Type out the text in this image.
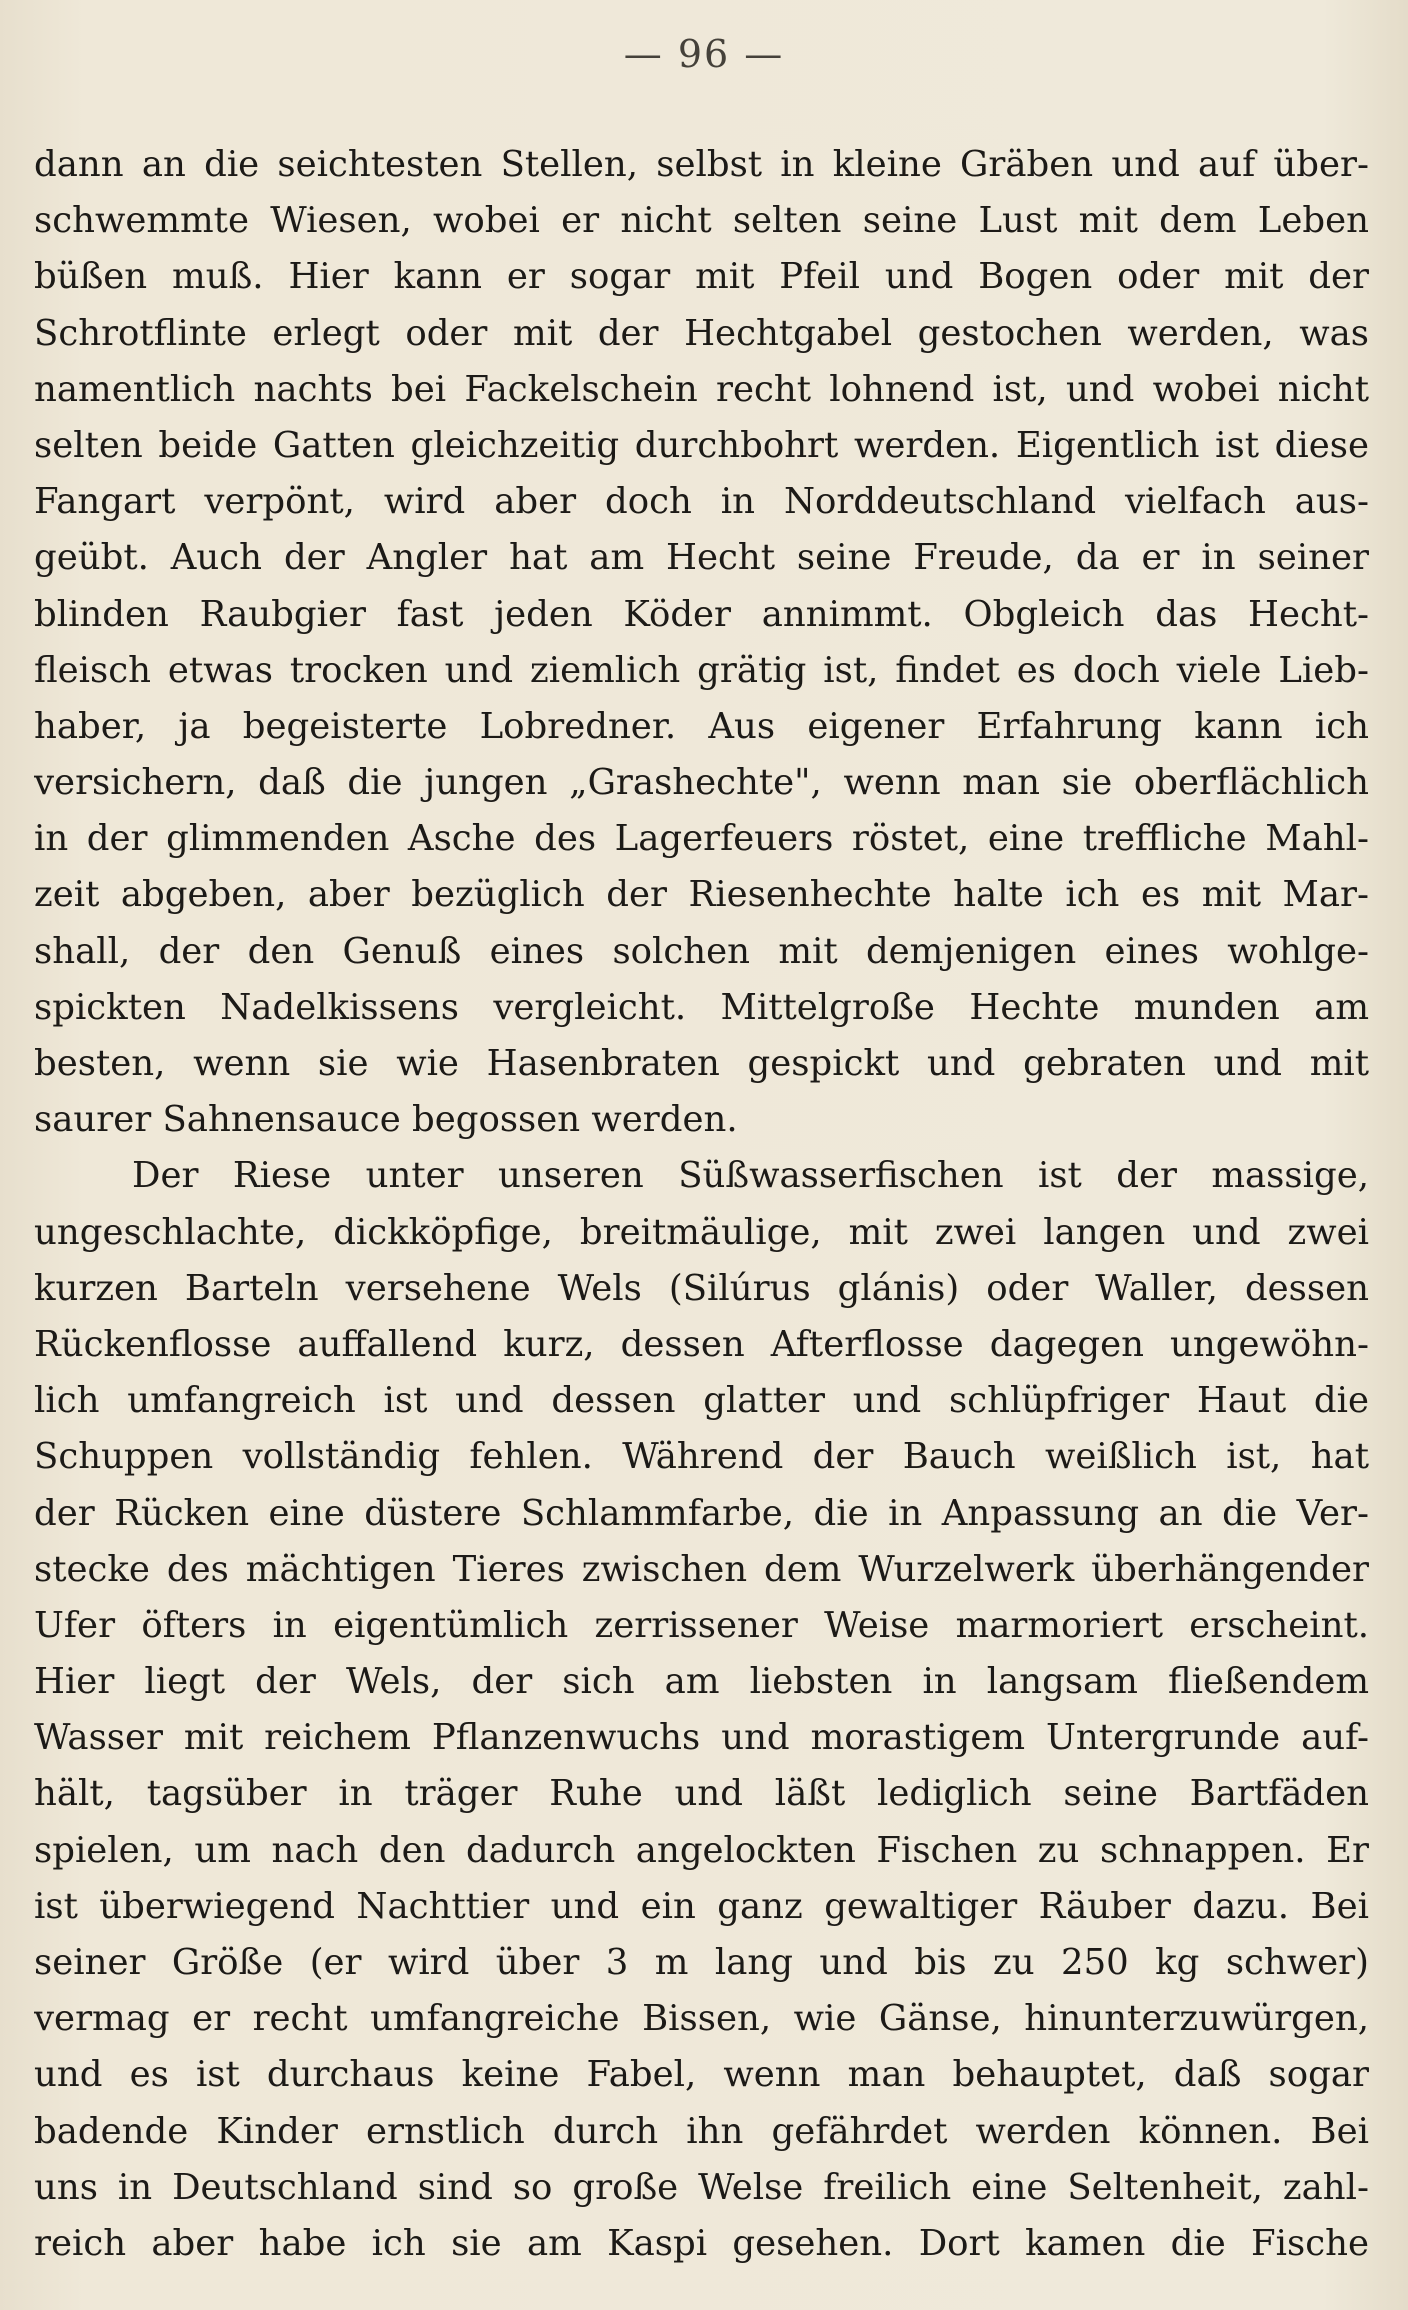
— 96 —
dann an die seichtesten Stellen, selbst in kleine Gräben und auf über-
schwemmte Wiesen, wobei er nicht selten seine Lust mit dem Leben
büßen muß. Hier kann er sogar mit Pfeil und Bogen oder mit der
Schrotflinte erlegt oder mit der Hechtgabel gestochen werden, was
namentlich nachts bei Fackelschein recht lohnend ist, und wobei nicht
selten beide Gatten gleichzeitig durchbohrt werden. Eigentlich ist diese
Fangart verpönt, wird aber doch in Norddeutschland vielfach aus-
geübt. Auch der Angler hat am Hecht seine Freude, da er in seiner
blinden Raubgier fast jeden Köder annimmt. Obgleich das Hecht-
fleisch etwas trocken und ziemlich grätig ist, findet es doch viele Lieb-
haber, ja begeisterte Lobredner. Aus eigener Erfahrung kann ich
versichern, daß die jungen „Grashechte", wenn man sie oberflächlich
in der glimmenden Asche des Lagerfeuers röstet, eine treffliche Mahl-
zeit abgeben, aber bezüglich der Riesenhechte halte ich es mit Mar-
shall, der den Genuß eines solchen mit demjenigen eines wohlge-
spickten Nadelkissens vergleicht. Mittelgroße Hechte munden am
besten, wenn sie wie Hasenbraten gespickt und gebraten und mit
saurer Sahnensauce begossen werden.
Der Riese unter unseren Süßwasserfischen ist der massige,
ungeschlachte, dickköpfige, breitmäulige, mit zwei langen und zwei
kurzen Barteln versehene Wels (Silúrus glánis) oder Waller, dessen
Rückenflosse auffallend kurz, dessen Afterflosse dagegen ungewöhn-
lich umfangreich ist und dessen glatter und schlüpfriger Haut die
Schuppen vollständig fehlen. Während der Bauch weißlich ist, hat
der Rücken eine düstere Schlammfarbe, die in Anpassung an die Ver-
stecke des mächtigen Tieres zwischen dem Wurzelwerk überhängender
Ufer öfters in eigentümlich zerrissener Weise marmoriert erscheint.
Hier liegt der Wels, der sich am liebsten in langsam fließendem
Wasser mit reichem Pflanzenwuchs und morastigem Untergrunde auf-
hält, tagsüber in träger Ruhe und läßt lediglich seine Bartfäden
spielen, um nach den dadurch angelockten Fischen zu schnappen. Er
ist überwiegend Nachttier und ein ganz gewaltiger Räuber dazu. Bei
seiner Größe (er wird über 3 m lang und bis zu 250 kg schwer)
vermag er recht umfangreiche Bissen, wie Gänse, hinunterzuwürgen,
und es ist durchaus keine Fabel, wenn man behauptet, daß sogar
badende Kinder ernstlich durch ihn gefährdet werden können. Bei
uns in Deutschland sind so große Welse freilich eine Seltenheit, zahl-
reich aber habe ich sie am Kaspi gesehen. Dort kamen die Fische
